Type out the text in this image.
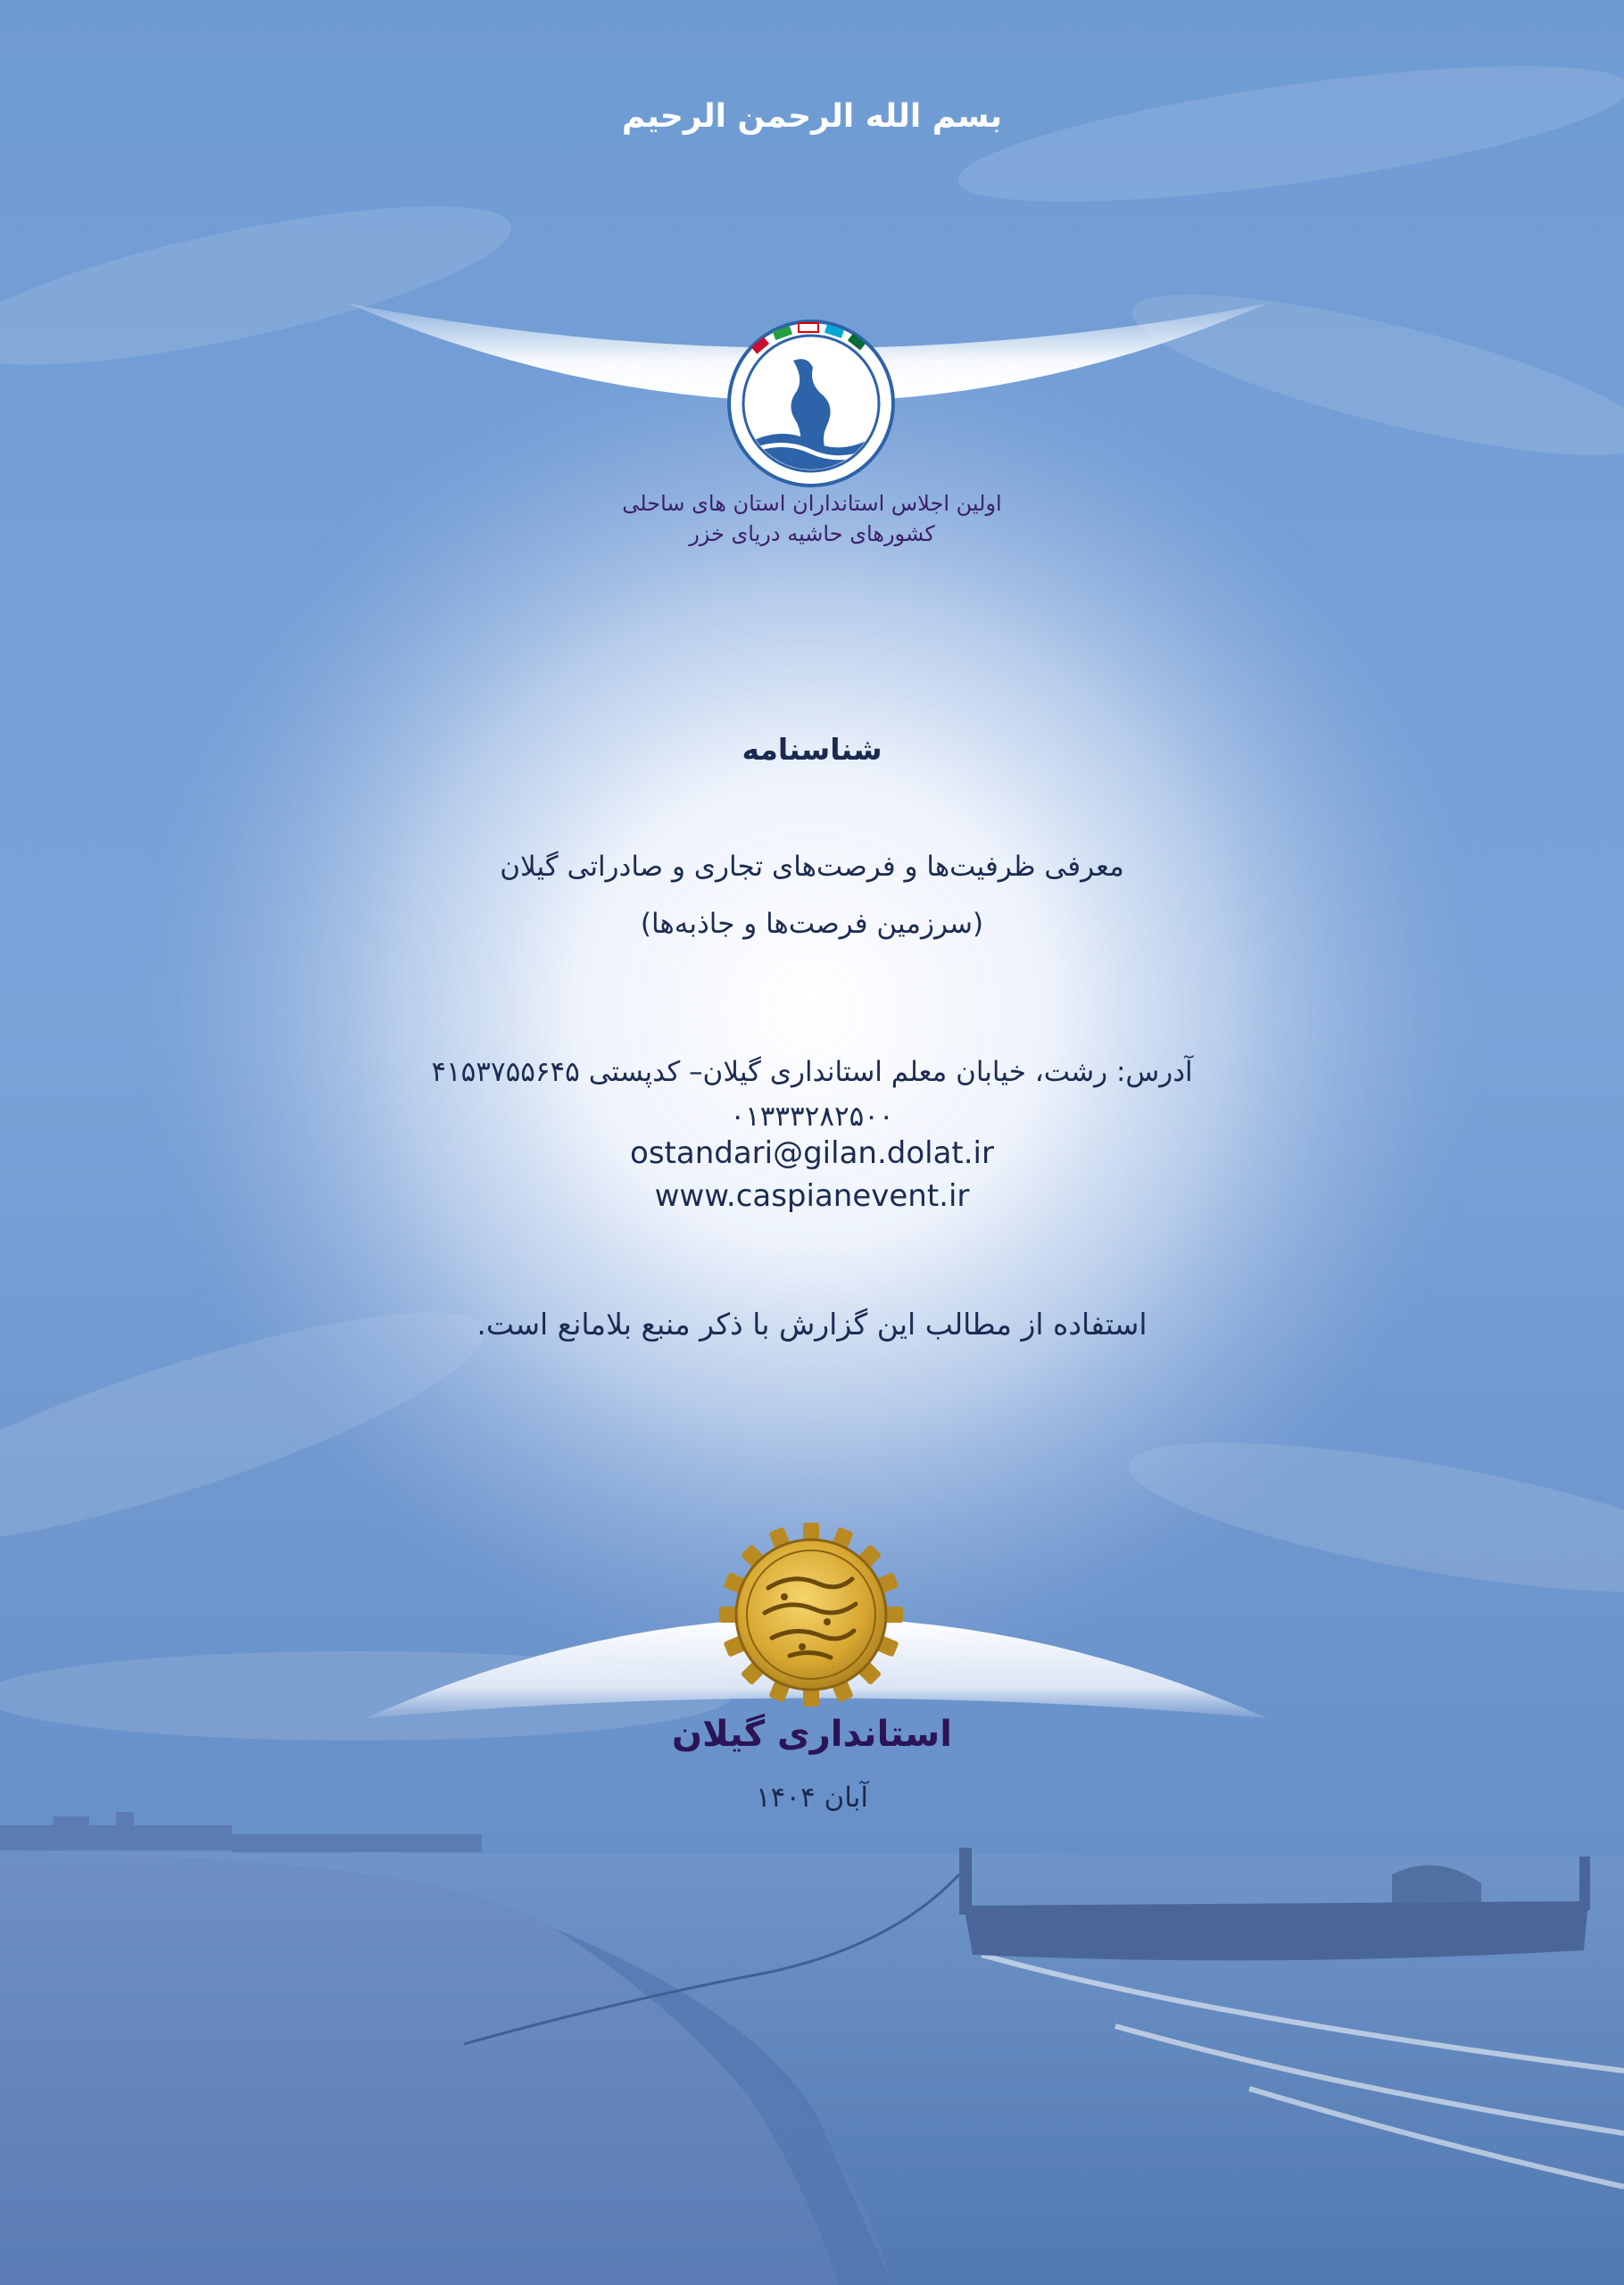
بسم الله الرحمن الرحیم
اولین اجلاس استانداران استان های ساحلی
کشورهای حاشیه دریای خزر
شناسنامه
معرفی ظرفیت‌ها و فرصت‌های تجاری و صادراتی گیلان
(سرزمین فرصت‌ها و جاذبه‌ها)
آدرس: رشت، خیابان معلم استانداری گیلان– کدپستی ۴۱۵۳۷۵۵۶۴۵
۰۱۳۳۳۲۸۲۵۰۰
ostandari@gilan.dolat.ir
www.caspianevent.ir
استفاده از مطالب این گزارش با ذکر منبع بلامانع است.
استانداری گیلان
آبان ۱۴۰۴
